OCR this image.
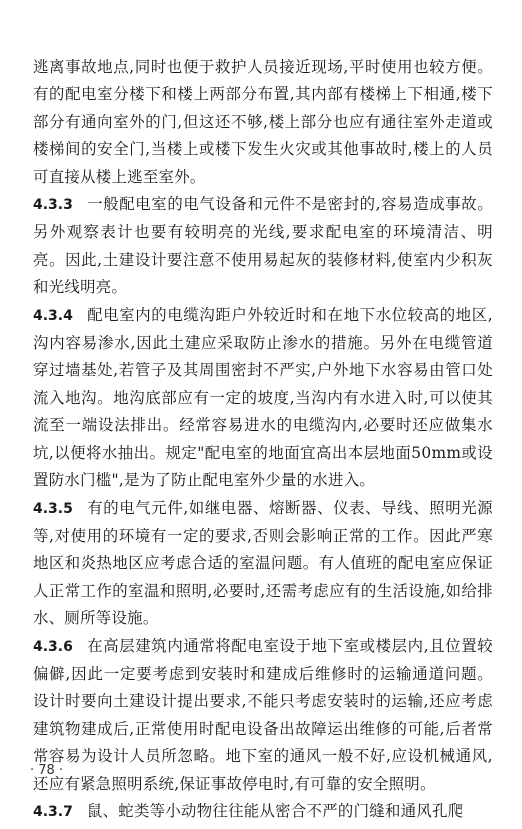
逃离事故地点,同时也便于救护人员接近现场,平时使用也较方便。有的配电室分楼下和楼上两部分布置,其内部有楼梯上下相通,楼下部分有通向室外的门,但这还不够,楼上部分也应有通往室外走道或楼梯间的安全门,当楼上或楼下发生火灾或其他事故时,楼上的人员可直接从楼上逃至室外。

4.3.3 一般配电室的电气设备和元件不是密封的,容易造成事故。另外观察表计也要有较明亮的光线,要求配电室的环境清洁、明亮。因此,土建设计要注意不使用易起灰的装修材料,使室内少积灰和光线明亮。

4.3.4 配电室内的电缆沟距户外较近时和在地下水位较高的地区,沟内容易渗水,因此土建应采取防止渗水的措施。另外在电缆管道穿过墙基处,若管子及其周围密封不严实,户外地下水容易由管口处流入地沟。地沟底部应有一定的坡度,当沟内有水进入时,可以使其流至一端设法排出。经常容易进水的电缆沟内,必要时还应做集水坑,以便将水抽出。规定"配电室的地面宜高出本层地面50mm或设置防水门槛",是为了防止配电室外少量的水进入。

4.3.5 有的电气元件,如继电器、熔断器、仪表、导线、照明光源等,对使用的环境有一定的要求,否则会影响正常的工作。因此严寒地区和炎热地区应考虑合适的室温问题。有人值班的配电室应保证人正常工作的室温和照明,必要时,还需考虑应有的生活设施,如给排水、厕所等设施。

4.3.6 在高层建筑内通常将配电室设于地下室或楼层内,且位置较偏僻,因此一定要考虑到安装时和建成后维修时的运输通道问题。设计时要向土建设计提出要求,不能只考虑安装时的运输,还应考虑建筑物建成后,正常使用时配电设备出故障运出维修的可能,后者常常容易为设计人员所忽略。地下室的通风一般不好,应设机械通风,还应有紧急照明系统,保证事故停电时,有可靠的安全照明。

4.3.7 鼠、蛇类等小动物往往能从密合不严的门缝和通风孔爬

· 78 ·
